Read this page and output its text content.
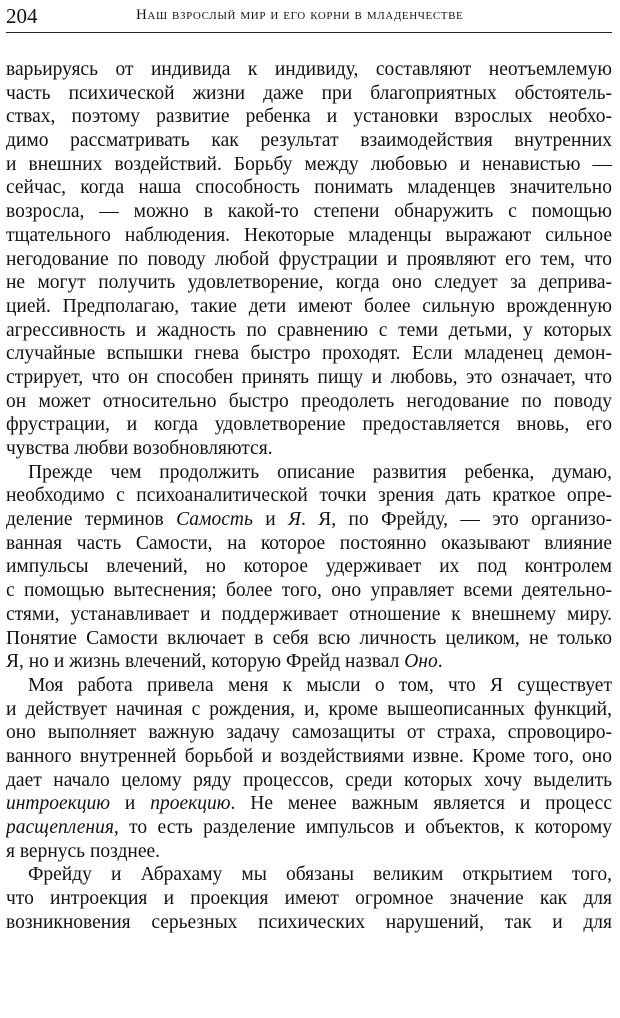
204	Наш взрослый мир и его корни в младенчестве
варьируясь от индивида к индивиду, составляют неотъемлемую
часть психической жизни даже при благоприятных обстоятель-
ствах, поэтому развитие ребенка и установки взрослых необхо-
димо рассматривать как результат взаимодействия внутренних
и внешних воздействий. Борьбу между любовью и ненавистью —
сейчас, когда наша способность понимать младенцев значительно
возросла, — можно в какой-то степени обнаружить с помощью
тщательного наблюдения. Некоторые младенцы выражают сильное
негодование по поводу любой фрустрации и проявляют его тем, что
не могут получить удовлетворение, когда оно следует за деприва-
цией. Предполагаю, такие дети имеют более сильную врожденную
агрессивность и жадность по сравнению с теми детьми, у которых
случайные вспышки гнева быстро проходят. Если младенец демон-
стрирует, что он способен принять пищу и любовь, это означает, что
он может относительно быстро преодолеть негодование по поводу
фрустрации, и когда удовлетворение предоставляется вновь, его
чувства любви возобновляются.
Прежде чем продолжить описание развития ребенка, думаю,
необходимо с психоаналитической точки зрения дать краткое опре-
деление терминов Самость и Я. Я, по Фрейду, — это организо-
ванная часть Самости, на которое постоянно оказывают влияние
импульсы влечений, но которое удерживает их под контролем
с помощью вытеснения; более того, оно управляет всеми деятельно-
стями, устанавливает и поддерживает отношение к внешнему миру.
Понятие Самости включает в себя всю личность целиком, не только
Я, но и жизнь влечений, которую Фрейд назвал Оно.
Моя работа привела меня к мысли о том, что Я существует
и действует начиная с рождения, и, кроме вышеописанных функций,
оно выполняет важную задачу самозащиты от страха, спровоциро-
ванного внутренней борьбой и воздействиями извне. Кроме того, оно
дает начало целому ряду процессов, среди которых хочу выделить
интроекцию и проекцию. Не менее важным является и процесс
расщепления, то есть разделение импульсов и объектов, к которому
я вернусь позднее.
Фрейду и Абрахаму мы обязаны великим открытием того,
что интроекция и проекция имеют огромное значение как для
возникновения серьезных психических нарушений, так и для
